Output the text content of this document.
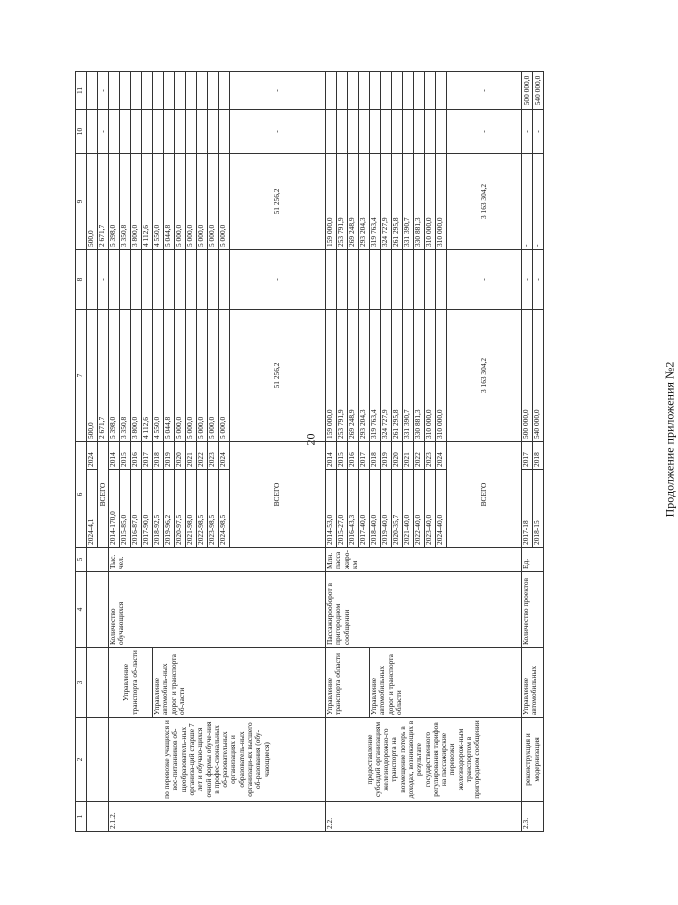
20	Продолжение приложения №2
1	2	3	4	5	6		7	8	9	10	11
					2024-4,1	2024	500,0		500,0		
					ВСЕГО		2 671,7	-	2 671,7	-	-
2.1.2.	по перевозке учащихся и вос-питанников об-щеобразователь-ных организа-ций старше 7 лет и обучаю-щихся очной формы обуче-ния в профес-сиональных об-разовательных организациях и образователь-ных организаци-ях высшего об-разования (обу-чающиеся)	Управление транспорта об-ласти	Количество обучающихся	Тыс. чел.	2014-170,0	2014	5 398,0		5 398,0		
					2015-85,0	2015	3 350,8		3 350,8		
					2016-87,0	2016	3 800,0		3 800,0		
					2017-90,0	2017	4 112,6		4 112,6		
		Управление автомобиль-ных дорог и транспорта об-ласти			2018-92,5	2018	4 550,0		4 550,0		
					2019-96,2	2019	5 044,8		5 044,8		
					2020-97,5	2020	5 000,0		5 000,0		
					2021-98,0	2021	5 000,0		5 000,0		
					2022-98,5	2022	5 000,0		5 000,0		
					2023-98,5	2023	5 000,0		5 000,0		
					2024-98,5	2024	5 000,0		5 000,0		
					ВСЕГО		51 256,2	-	51 256,2	-	-
2.2.	предоставление субсидий организациям железнодорожно-го транспорта на возмещение потерь в доходах, возникающих в результате государственного регулирования тарифов на пассажирские перевозки железнодорож-ным транспортом в пригородном сообщении	Управление транспорта области	Пассажирооборот в пригородном сообщении	Млн. пасса жиро-км	2014-53,0	2014	159 000,0		159 000,0		
					2015-27,0	2015	253 791,9		253 791,9		
					2016-43,3	2016	269 248,9		269 248,9		
					2017-40,0	2017	293 204,3		293 204,3		
		Управление автомобильных дорог и транспорта области			2018-40,0	2018	319 763,4		319 763,4		
					2019-40,0	2019	324 727,9		324 727,9		
					2020-35,7	2020	261 295,8		261 295,8		
					2021-40,0	2021	331 390,7		331 390,7		
					2022-40,0	2022	330 881,3		330 881,3		
					2023-40,0	2023	310 000,0		310 000,0		
					2024-40,0	2024	310 000,0		310 000,0		
					ВСЕГО		3 163 304,2	-	3 163 304,2	-	-
2.3.	реконструкция и модернизация	Управление автомобильных	Количество проектов	Ед.	2017-18	2017	500 000,0	-	-	-	500 000,0
					2018-15	2018	540 000,0	-	-	-	540 000,0
